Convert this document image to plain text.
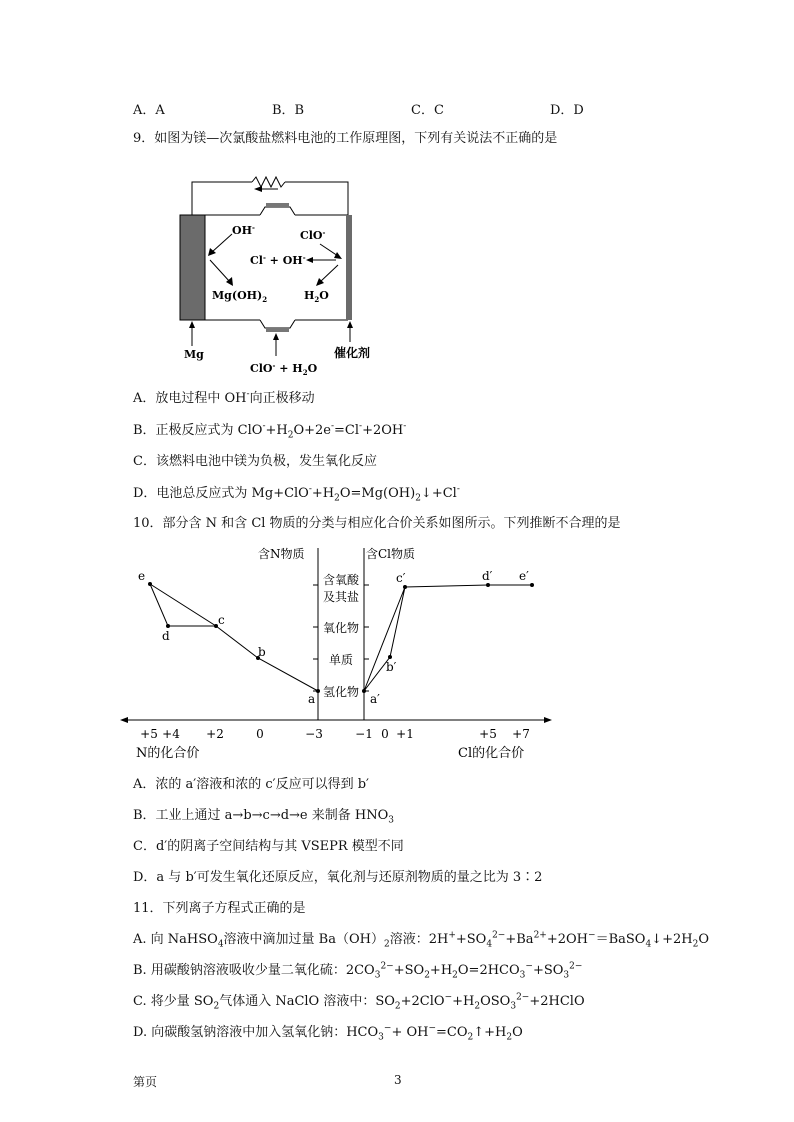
A．A	B．B	C．C	D．D
9．如图为镁—次氯酸盐燃料电池的工作原理图，下列有关说法不正确的是
OH-
ClO-
Cl- + OH-
$Mg(OH)_2$	$H_2O$
Mg	催化剂
$ClO^- + H_2O$
A．放电过程中 OH-向正极移动
B．正极反应式为 $ClO^-+H_2O+2e^-=Cl^-+2OH^-$
C．该燃料电池中镁为负极，发生氧化反应
D．电池总反应式为 $Mg+ClO^-+H_2O=Mg(OH)_2↓+Cl^-$
10．部分含 N 和含 Cl 物质的分类与相应化合价关系如图所示。下列推断不合理的是
含N物质	含Cl物质
含氧酸
及其盐
氧化物
单质
氢化物
e
d
c
b
a	a′
b′
c′	d′ e′
+5 +4 +2	0	−3	−1 0 +1	+5 +7
N的化合价	Cl的化合价
A．浓的 a′溶液和浓的 c′反应可以得到 b′
B．工业上通过 a→b→c→d→e 来制备 $HNO_3$
C．d′的阴离子空间结构与其 VSEPR 模型不同
D．a 与 b′可发生氧化还原反应，氧化剂与还原剂物质的量之比为 3∶2
11．下列离子方程式正确的是
A. 向 NaHSO$_4$溶液中滴加过量 $Ba(OH)_2$溶液：$2H^++SO_4^{2-}+Ba^{2+}+2OH^-=BaSO_4↓+2H_2O$
B. 用碳酸钠溶液吸收少量二氧化硫：$2CO_3^{2-}+SO_2+H_2O=2HCO_3^-+SO_3^{2-}$
C. 将少量 $SO_2$气体通入 NaClO 溶液中：$SO_2+2ClO^-+H_2OSO_3^{2-}+2HClO$
D. 向碳酸氢钠溶液中加入氢氧化钠：$HCO_3^-+$ $OH^-=CO_2↑+H_2O$
第页	3
